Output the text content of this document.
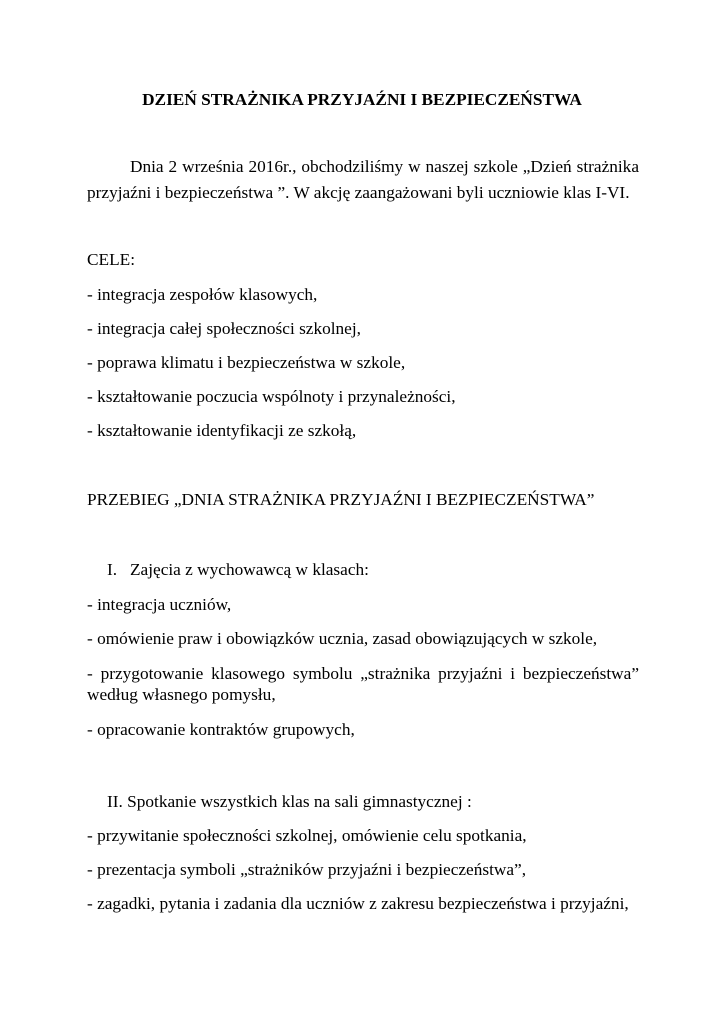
DZIEŃ STRAŻNIKA PRZYJAŹNI I BEZPIECZEŃSTWA
Dnia 2 września 2016r., obchodziliśmy w naszej szkole „Dzień strażnika
przyjaźni i bezpieczeństwa ”. W akcję zaangażowani byli uczniowie klas I-VI.
CELE:
- integracja zespołów klasowych,
- integracja całej społeczności szkolnej,
- poprawa klimatu i bezpieczeństwa w szkole,
- kształtowanie poczucia wspólnoty i przynależności,
- kształtowanie identyfikacji ze szkołą,
PRZEBIEG „DNIA STRAŻNIKA PRZYJAŹNI I BEZPIECZEŃSTWA”
I. Zajęcia z wychowawcą w klasach:
- integracja uczniów,
- omówienie praw i obowiązków ucznia, zasad obowiązujących w szkole,
- przygotowanie klasowego symbolu „strażnika przyjaźni i bezpieczeństwa”
według własnego pomysłu,
- opracowanie kontraktów grupowych,
II. Spotkanie wszystkich klas na sali gimnastycznej :
- przywitanie społeczności szkolnej, omówienie celu spotkania,
- prezentacja symboli „strażników przyjaźni i bezpieczeństwa”,
- zagadki, pytania i zadania dla uczniów z zakresu bezpieczeństwa i przyjaźni,
